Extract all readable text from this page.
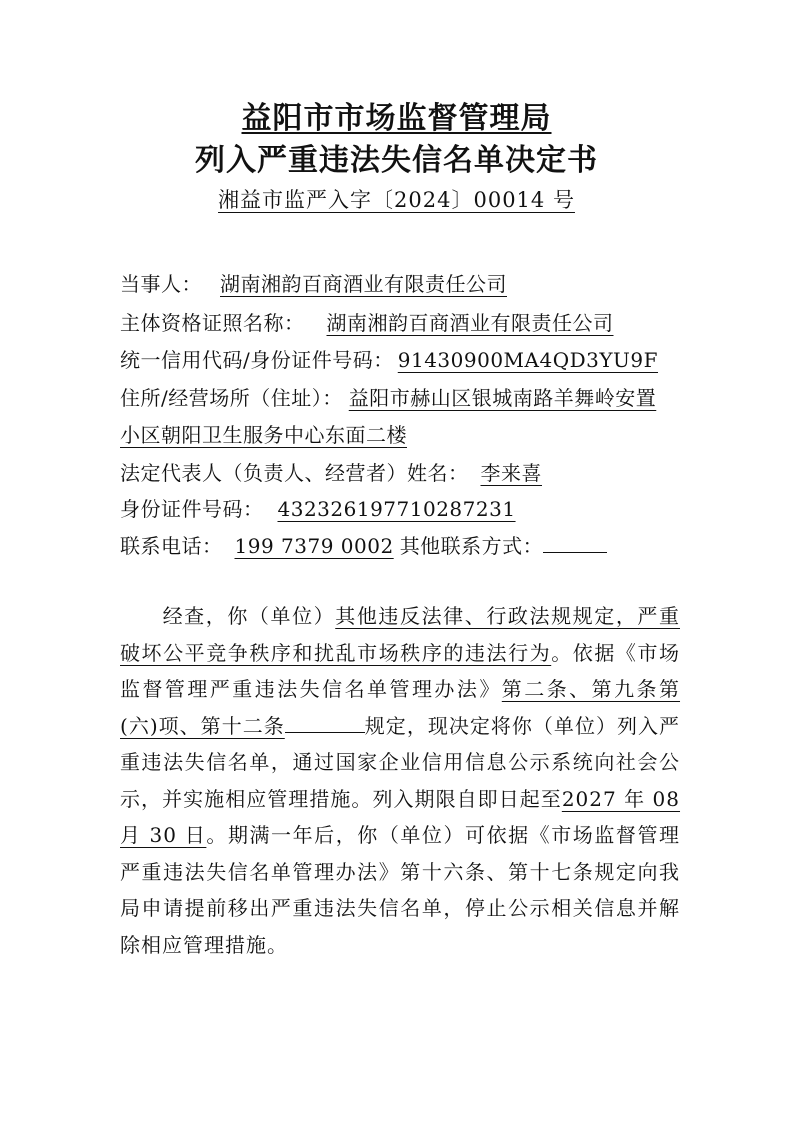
益阳市市场监督管理局
列入严重违法失信名单决定书
湘益市监严入字〔2024〕00014 号
当事人： 湖南湘韵百商酒业有限责任公司
主体资格证照名称： 湖南湘韵百商酒业有限责任公司
统一信用代码/身份证件号码： 91430900MA4QD3YU9F
住所/经营场所（住址）： 益阳市赫山区银城南路羊舞岭安置
小区朝阳卫生服务中心东面二楼
法定代表人（负责人、经营者）姓名： 李来喜
身份证件号码： 432326197710287231
联系电话： 199 7379 0002 其他联系方式：
经查，你（单位）其他违反法律、行政法规规定，严重破坏公平竞争秩序和扰乱市场秩序的违法行为。依据《市场监督管理严重违法失信名单管理办法》第二条、第九条第(六)项、第十二条	规定，现决定将你（单位）列入严重违法失信名单，通过国家企业信用信息公示系统向社会公示，并实施相应管理措施。列入期限自即日起至2027 年 08 月 30 日。期满一年后，你（单位）可依据《市场监督管理严重违法失信名单管理办法》第十六条、第十七条规定向我局申请提前移出严重违法失信名单，停止公示相关信息并解除相应管理措施。
